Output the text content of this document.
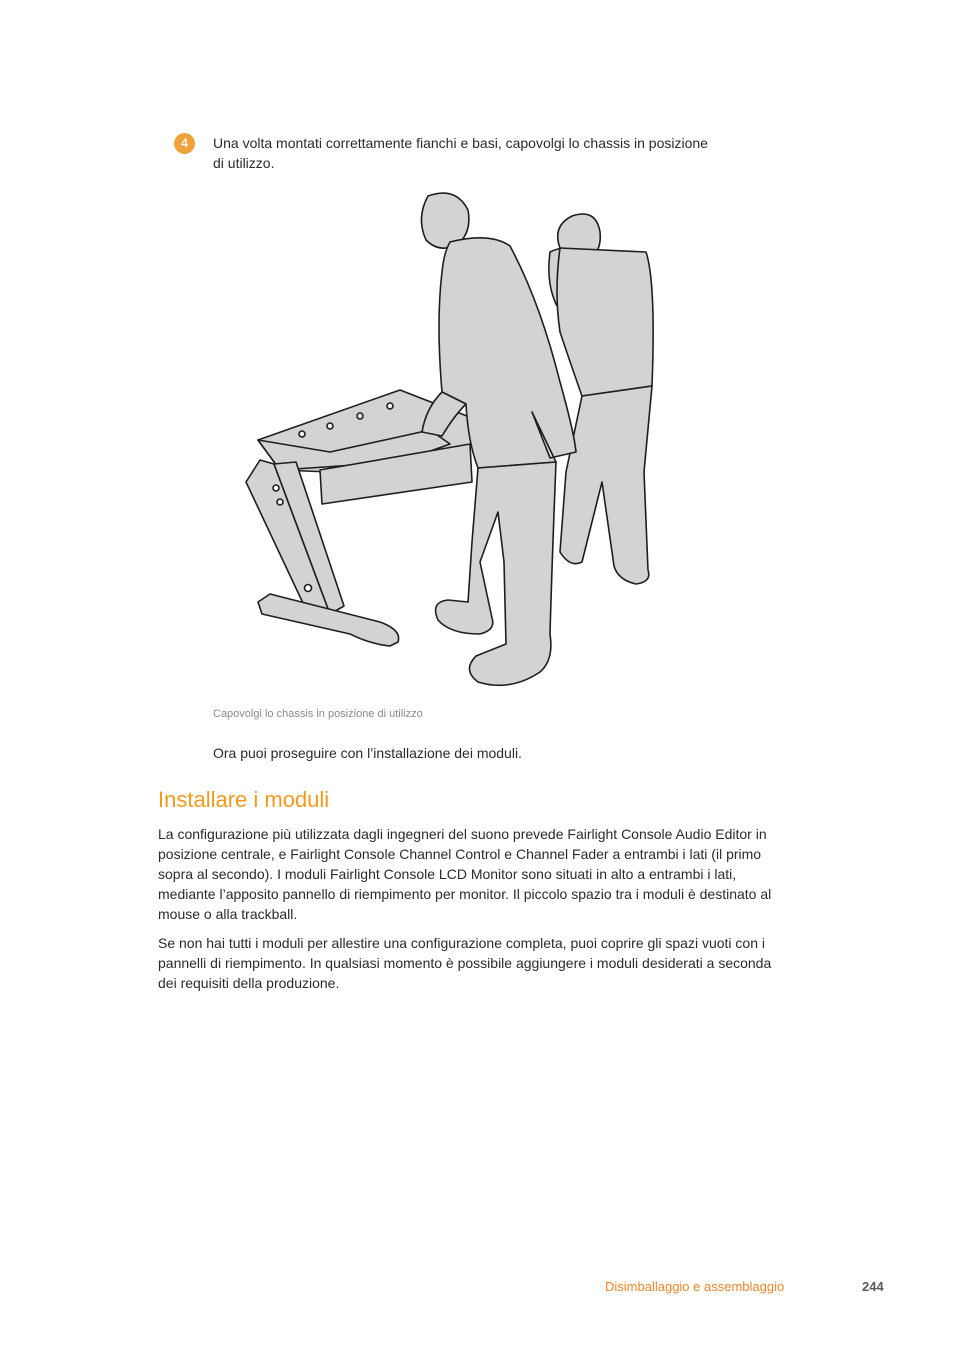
4	Una volta montati correttamente fianchi e basi, capovolgi lo chassis in posizione
di utilizzo.
Capovolgi lo chassis in posizione di utilizzo
Ora puoi proseguire con l’installazione dei moduli.
Installare i moduli

La configurazione più utilizzata dagli ingegneri del suono prevede Fairlight Console Audio Editor in posizione centrale, e Fairlight Console Channel Control e Channel Fader a entrambi i lati (il primo sopra al secondo). I moduli Fairlight Console LCD Monitor sono situati in alto a entrambi i lati, mediante l’apposito pannello di riempimento per monitor. Il piccolo spazio tra i moduli è destinato al mouse o alla trackball.

Se non hai tutti i moduli per allestire una configurazione completa, puoi coprire gli spazi vuoti con i pannelli di riempimento. In qualsiasi momento è possibile aggiungere i moduli desiderati a seconda dei requisiti della produzione.

Disimballaggio e assemblaggio	244
